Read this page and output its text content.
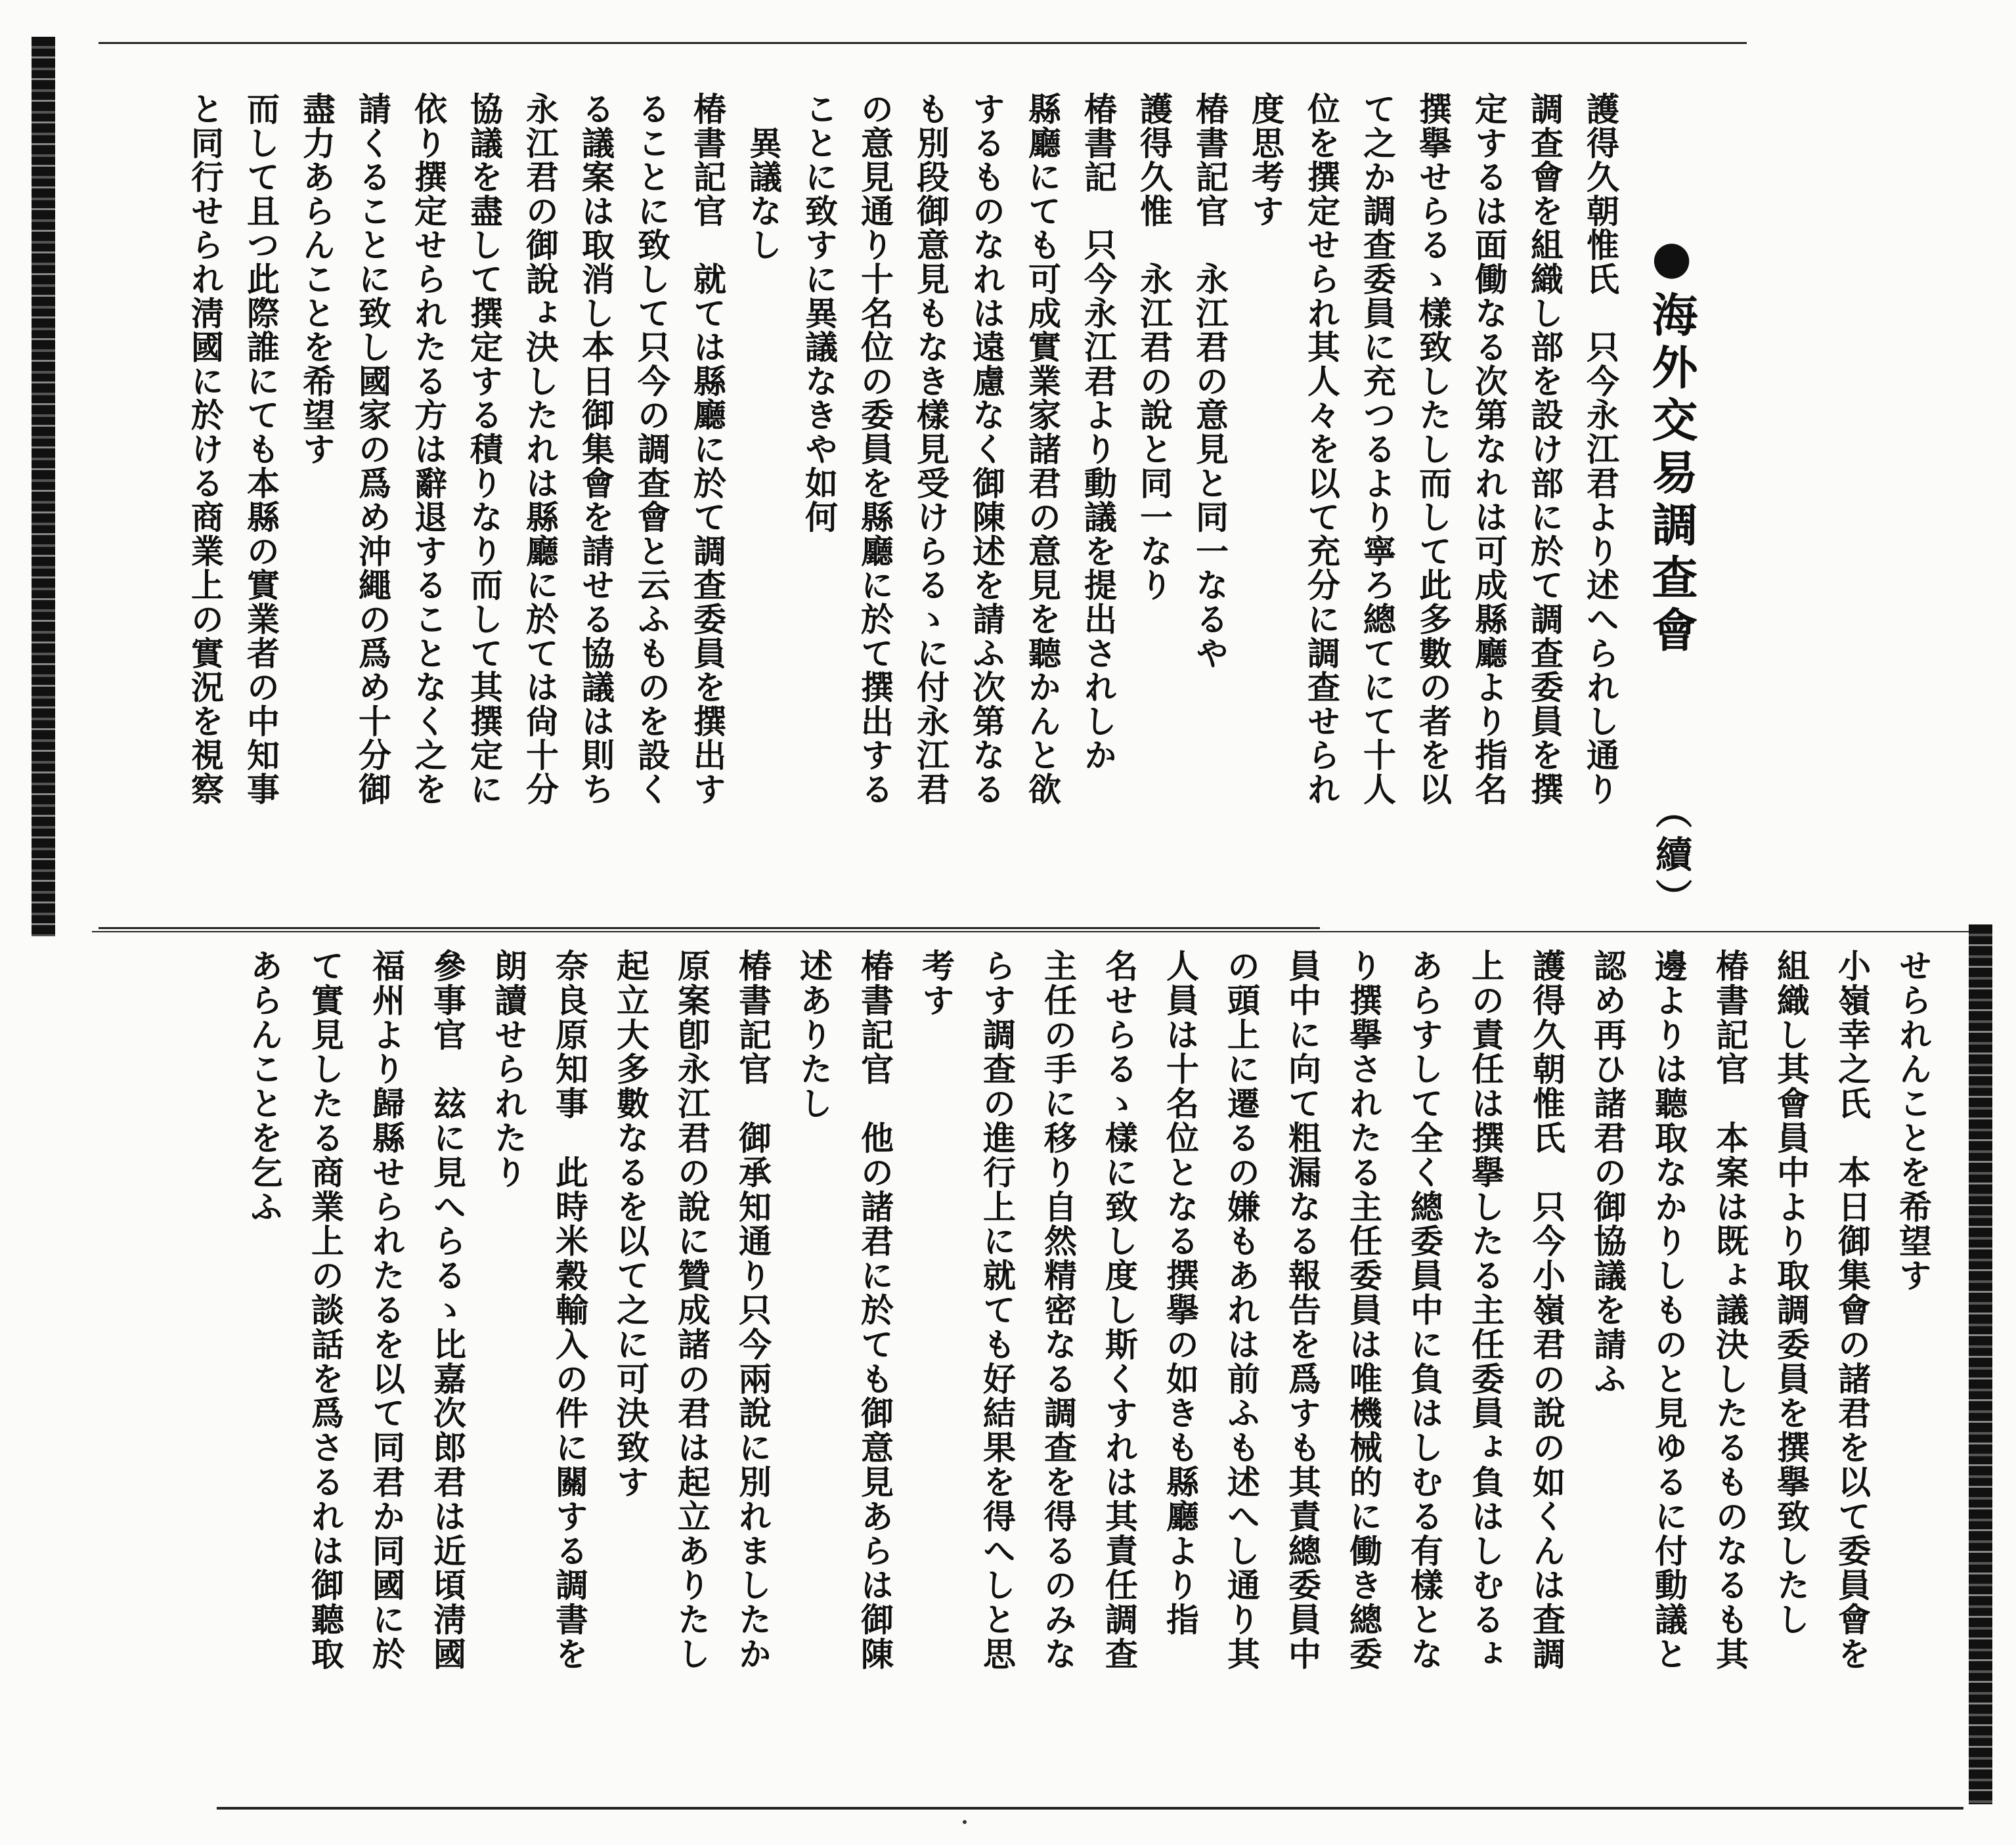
●海外交易調查會 （續）
護得久朝惟氏　只今永江君より述へられし通り
調查會を組織し部を設け部に於て調查委員を撰
定するは面働なる次第なれは可成縣廳より指名
撰擧せらるゝ樣致したし而して此多數の者を以
て之か調查委員に充つるより寧ろ總てにて十人
位を撰定せられ其人々を以て充分に調查せられ
度思考す
椿書記官　永江君の意見と同一なるや
護得久惟　永江君の說と同一なり
椿書記　只今永江君より動議を提出されしか
縣廳にても可成實業家諸君の意見を聽かんと欲
するものなれは遠慮なく御陳述を請ふ次第なる
も別段御意見もなき樣見受けらるゝに付永江君
の意見通り十名位の委員を縣廳に於て撰出する
ことに致すに異議なきや如何
　異議なし
椿書記官　就ては縣廳に於て調查委員を撰出す
ることに致して只今の調查會と云ふものを設く
る議案は取消し本日御集會を請せる協議は則ち
永江君の御說ょ決したれは縣廳に於ては尙十分
協議を盡して撰定する積りなり而して其撰定に
依り撰定せられたる方は辭退することなく之を
請くることに致し國家の爲め沖繩の爲め十分御
盡力あらんことを希望す
而して且つ此際誰にても本縣の實業者の中知事
と同行せられ淸國に於ける商業上の實況を視察
せられんことを希望す
小嶺幸之氏　本日御集會の諸君を以て委員會を
組織し其會員中より取調委員を撰擧致したし
椿書記官　本案は既ょ議決したるものなるも其
邊よりは聽取なかりしものと見ゆるに付動議と
認め再ひ諸君の御協議を請ふ
護得久朝惟氏　只今小嶺君の說の如くんは査調
上の責任は撰擧したる主任委員ょ負はしむるょ
あらすして全く總委員中に負はしむる有樣とな
り撰擧されたる主任委員は唯機械的に働き總委
員中に向て粗漏なる報告を爲すも其責總委員中
の頭上に遷るの嫌もあれは前ふも述へし通り其
人員は十名位となる撰擧の如きも縣廳より指
名せらるゝ樣に致し度し斯くすれは其責任調查
主任の手に移り自然精密なる調查を得るのみな
らす調查の進行上に就ても好結果を得へしと思
考す
椿書記官　他の諸君に於ても御意見あらは御陳
述ありたし
椿書記官　御承知通り只今兩說に別れましたか
原案卽永江君の說に贊成諸の君は起立ありたし
起立大多數なるを以て之に可決致す
奈良原知事　此時米穀輸入の件に關する調書を
朗讀せられたり
參事官　玆に見へらるゝ比嘉次郎君は近頃淸國
福州より歸縣せられたるを以て同君か同國に於
て實見したる商業上の談話を爲さるれは御聽取
あらんことを乞ふ
